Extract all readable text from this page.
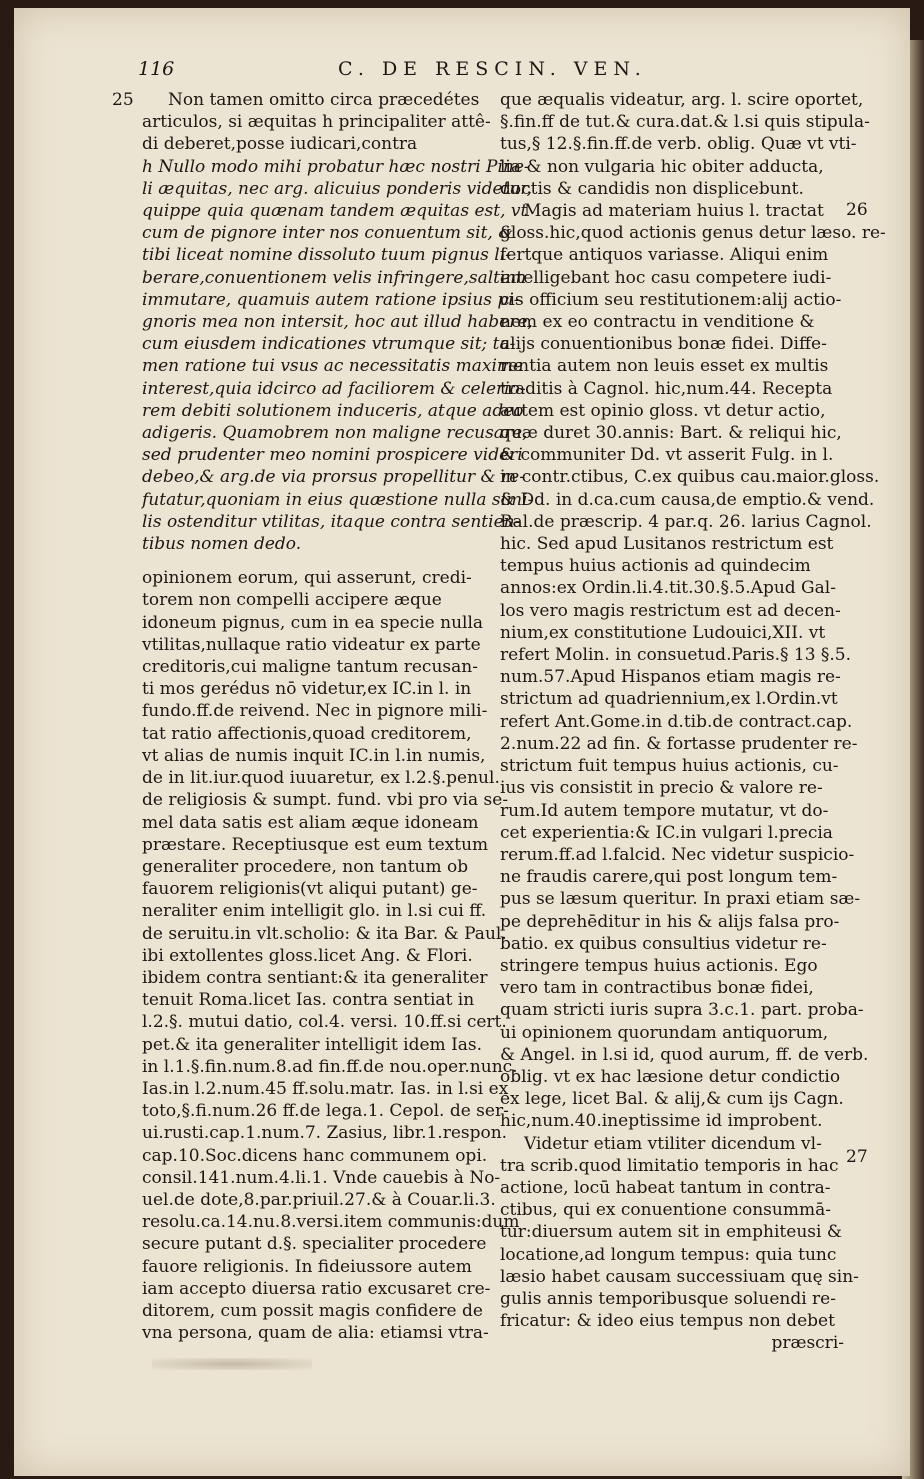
116	C. DE RESCIN. VEN.
25
26
27

Non tamen omitto circa præcedétes

articulos, si æquitas h principaliter attê-

di deberet,posse iudicari,contra

h Nullo modo mihi probatur hæc nostri Pine-

li æquitas, nec arg. alicuius ponderis videtur,

quippe quia quænam tandem æquitas est, vt

cum de pignore inter nos conuentum sit, &

tibi liceat nomine dissoluto tuum pignus li-

berare,conuentionem velis infringere,saltem

immutare, quamuis autem ratione ipsius pi-

gnoris mea non intersit, hoc aut illud habere,

cum eiusdem indicationes vtrumque sit; ta-

men ratione tui vsus ac necessitatis maxime

interest,quia idcirco ad faciliorem & celerio-

rem debiti solutionem induceris, atque adeo

adigeris. Quamobrem non maligne recusare,

sed prudenter meo nomini prospicere videri

debeo,& arg.de via prorsus propellitur & re-

futatur,quoniam in eius quæstione nulla simi-

lis ostenditur vtilitas, itaque contra sentien-

tibus nomen dedo.

opinionem eorum, qui asserunt, credi-

torem non compelli accipere æque

idoneum pignus, cum in ea specie nulla

vtilitas,nullaque ratio videatur ex parte

creditoris,cui maligne tantum recusan-

ti mos gerédus nō videtur,ex IC.in l. in

fundo.ff.de reivend. Nec in pignore mili-

tat ratio affectionis,quoad creditorem,

vt alias de numis inquit IC.in l.in numis,

de in lit.iur.quod iuuaretur, ex l.2.§.penul.

de religiosis & sumpt. fund. vbi pro via se-

mel data satis est aliam æque idoneam

præstare. Receptiusque est eum textum

generaliter procedere, non tantum ob

fauorem religionis(vt aliqui putant) ge-

neraliter enim intelligit glo. in l.si cui ff.

de seruitu.in vlt.scholio: & ita Bar. & Paul.

ibi extollentes gloss.licet Ang. & Flori.

ibidem contra sentiant:& ita generaliter

tenuit Roma.licet Ias. contra sentiat in

l.2.§. mutui datio, col.4. versi. 10.ff.si cert.

pet.& ita generaliter intelligit idem Ias.

in l.1.§.fin.num.8.ad fin.ff.de nou.oper.nunc.

Ias.in l.2.num.45 ff.solu.matr. Ias. in l.si ex

toto,§.fi.num.26 ff.de lega.1. Cepol. de ser-

ui.rusti.cap.1.num.7. Zasius, libr.1.respon.

cap.10.Soc.dicens hanc communem opi.

consil.141.num.4.li.1. Vnde cauebis à No-

uel.de dote,8.par.priuil.27.& à Couar.li.3.

resolu.ca.14.nu.8.versi.item communis:dum

secure putant d.§. specialiter procedere

fauore religionis. In fideiussore autem

iam accepto diuersa ratio excusaret cre-

ditorem, cum possit magis confidere de

vna persona, quam de alia: etiamsi vtra-

que æqualis videatur, arg. l. scire oportet,

§.fin.ff de tut.& cura.dat.& l.si quis stipula-

tus,§ 12.§.fin.ff.de verb. oblig. Quæ vt vti-

lia & non vulgaria hic obiter adducta,

doctis & candidis non displicebunt.

Magis ad materiam huius l. tractat

gloss.hic,quod actionis genus detur læso. re-

fertque antiquos variasse. Aliqui enim

intelligebant hoc casu competere iudi-

cis officium seu restitutionem:alij actio-

nem ex eo contractu in venditione &

alijs conuentionibus bonæ fidei. Diffe-

rentia autem non leuis esset ex multis

traditis à Cagnol. hic,num.44. Recepta

autem est opinio gloss. vt detur actio,

quæ duret 30.annis: Bart. & reliqui hic,

& communiter Dd. vt asserit Fulg. in l.

in contr.ctibus, C.ex quibus cau.maior.gloss.

& Dd. in d.ca.cum causa,de emptio.& vend.

Bal.de præscrip. 4 par.q. 26. larius Cagnol.

hic. Sed apud Lusitanos restrictum est

tempus huius actionis ad quindecim

annos:ex Ordin.li.4.tit.30.§.5.Apud Gal-

los vero magis restrictum est ad decen-

nium,ex constitutione Ludouici,XII. vt

refert Molin. in consuetud.Paris.§ 13 §.5.

num.57.Apud Hispanos etiam magis re-

strictum ad quadriennium,ex l.Ordin.vt

refert Ant.Gome.in d.tib.de contract.cap.

2.num.22 ad fin. & fortasse prudenter re-

strictum fuit tempus huius actionis, cu-

ius vis consistit in precio & valore re-

rum.Id autem tempore mutatur, vt do-

cet experientia:& IC.in vulgari l.precia

rerum.ff.ad l.falcid. Nec videtur suspicio-

ne fraudis carere,qui post longum tem-

pus se læsum queritur. In praxi etiam sæ-

pe deprehēditur in his & alijs falsa pro-

batio. ex quibus consultius videtur re-

stringere tempus huius actionis. Ego

vero tam in contractibus bonæ fidei,

quam stricti iuris supra 3.c.1. part. proba-

ui opinionem quorundam antiquorum,

& Angel. in l.si id, quod aurum, ff. de verb.

oblig. vt ex hac læsione detur condictio

ex lege, licet Bal. & alij,& cum ijs Cagn.

hic,num.40.ineptissime id improbent.

Videtur etiam vtiliter dicendum vl-

tra scrib.quod limitatio temporis in hac

actione, locū habeat tantum in contra-

ctibus, qui ex conuentione consummā-

tur:diuersum autem sit in emphiteusi &

locatione,ad longum tempus: quia tunc

læsio habet causam successiuam quę sin-

gulis annis temporibusque soluendi re-

fricatur: & ideo eius tempus non debet

præscri-
